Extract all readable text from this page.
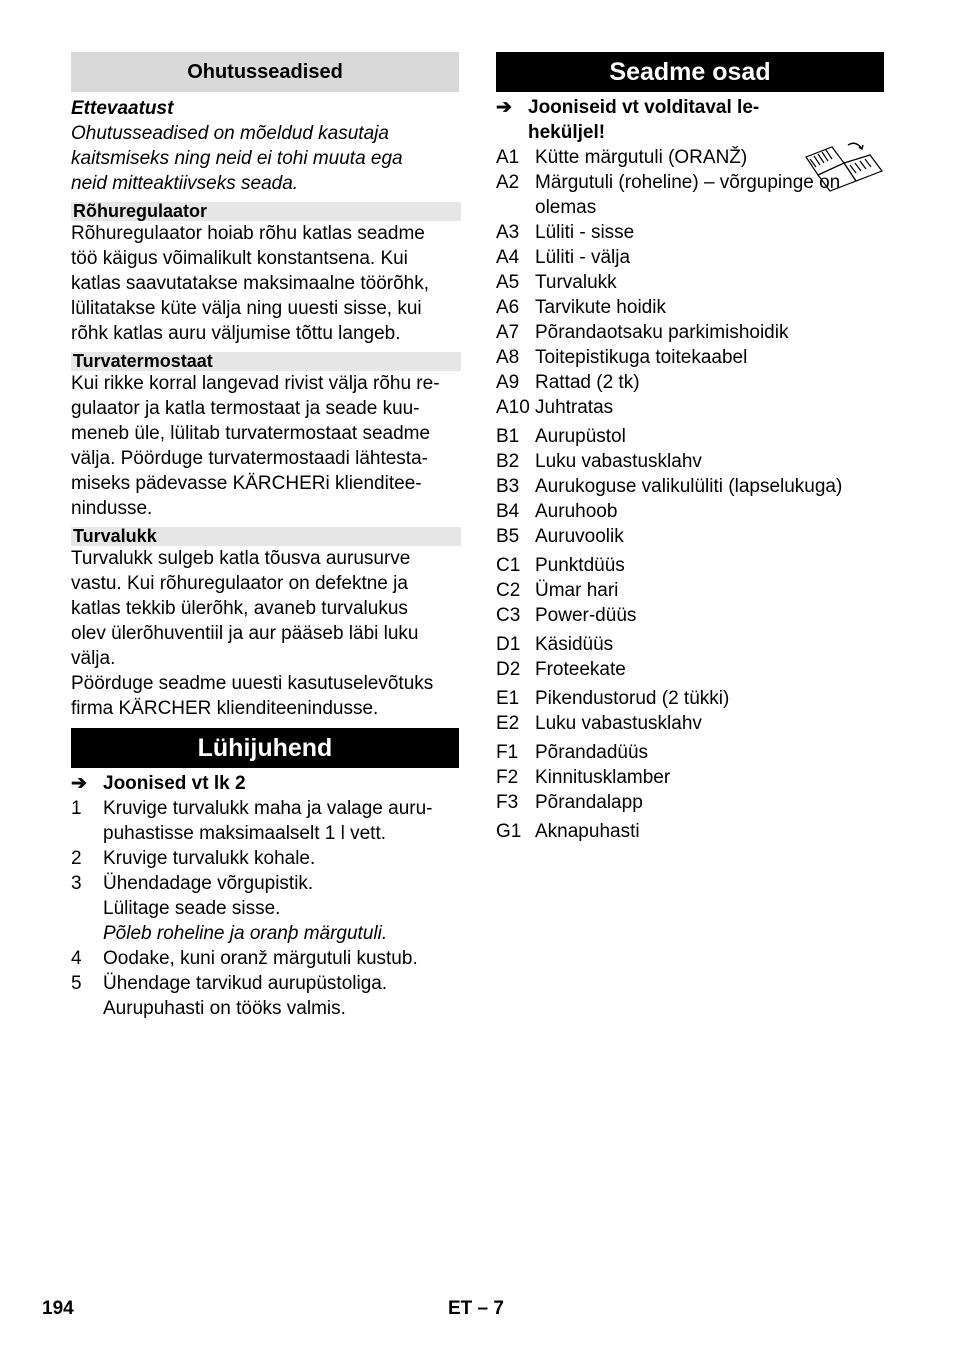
Ohutusseadised

Ettevaatust

Ohutusseadised on mõeldud kasutaja

kaitsmiseks ning neid ei tohi muuta ega

neid mitteaktiivseks seada.

Rõhuregulaator

Rõhuregulaator hoiab rõhu katlas seadme

töö käigus võimalikult konstantsena. Kui

katlas saavutatakse maksimaalne töörõhk,

lülitatakse küte välja ning uuesti sisse, kui

rõhk katlas auru väljumise tõttu langeb.

Turvatermostaat

Kui rikke korral langevad rivist välja rõhu re-

gulaator ja katla termostaat ja seade kuu-

meneb üle, lülitab turvatermostaat seadme

välja. Pöörduge turvatermostaadi lähtesta-

miseks pädevasse KÄRCHERi klienditee-

nindusse.

Turvalukk

Turvalukk sulgeb katla tõusva aurusurve

vastu. Kui rõhuregulaator on defektne ja

katlas tekkib ülerõhk, avaneb turvalukus

olev ülerõhuventiil ja aur pääseb läbi luku

välja.

Pöörduge seadme uuesti kasutuselevõtuks

firma KÄRCHER klienditeenindusse.

Lühijuhend
➔ Joonised vt lk 2
1	Kruvige turvalukk maha ja valage auru-
puhastisse maksimaalselt 1 l vett.
2	Kruvige turvalukk kohale.
3	Ühendadage võrgupistik.
Lülitage seade sisse.
Põleb roheline ja oranþ märgutuli.
4	Oodake, kuni oranž märgutuli kustub.
5	Ühendage tarvikud aurupüstoliga.
Aurupuhasti on tööks valmis.
Seadme osad
➔ Jooniseid vt volditaval le-
heküljel!
A1 Kütte märgutuli (ORANŽ)
A2 Märgutuli (roheline) – võrgupinge on
olemas
A3 Lüliti - sisse
A4 Lüliti - välja
A5 Turvalukk
A6 Tarvikute hoidik
A7 Põrandaotsaku parkimishoidik
A8 Toitepistikuga toitekaabel
A9 Rattad (2 tk)
A10 Juhtratas
B1 Aurupüstol
B2 Luku vabastusklahv
B3 Aurukoguse valikulüliti (lapselukuga)
B4 Auruhoob
B5 Auruvoolik
C1 Punktdüüs
C2 Ümar hari
C3 Power-düüs
D1 Käsidüüs
D2 Froteekate
E1 Pikendustorud (2 tükki)
E2 Luku vabastusklahv
F1 Põrandadüüs
F2 Kinnitusklamber
F3 Põrandalapp
G1 Aknapuhasti
194	ET – 7
